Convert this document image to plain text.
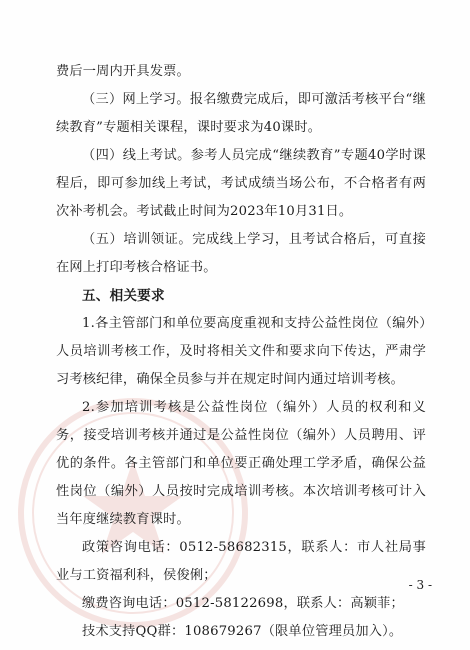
费后一周内开具发票。

（三）网上学习。报名缴费完成后，即可激活考核平台“继续教育”专题相关课程，课时要求为40课时。

（四）线上考试。参考人员完成“继续教育”专题40学时课程后，即可参加线上考试，考试成绩当场公布，不合格者有两次补考机会。考试截止时间为2023年10月31日。

（五）培训领证。完成线上学习，且考试合格后，可直接在网上打印考核合格证书。

五、相关要求

1.各主管部门和单位要高度重视和支持公益性岗位（编外）人员培训考核工作，及时将相关文件和要求向下传达，严肃学习考核纪律，确保全员参与并在规定时间内通过培训考核。

2.参加培训考核是公益性岗位（编外）人员的权利和义务，接受培训考核并通过是公益性岗位（编外）人员聘用、评优的条件。各主管部门和单位要正确处理工学矛盾，确保公益性岗位（编外）人员按时完成培训考核。本次培训考核可计入当年度继续教育课时。

政策咨询电话：0512-58682315，联系人：市人社局事业与工资福利科，侯俊俐；

缴费咨询电话：0512-58122698，联系人：高颖菲；

技术支持QQ群：108679267（限单位管理员加入）。

- 3 -
